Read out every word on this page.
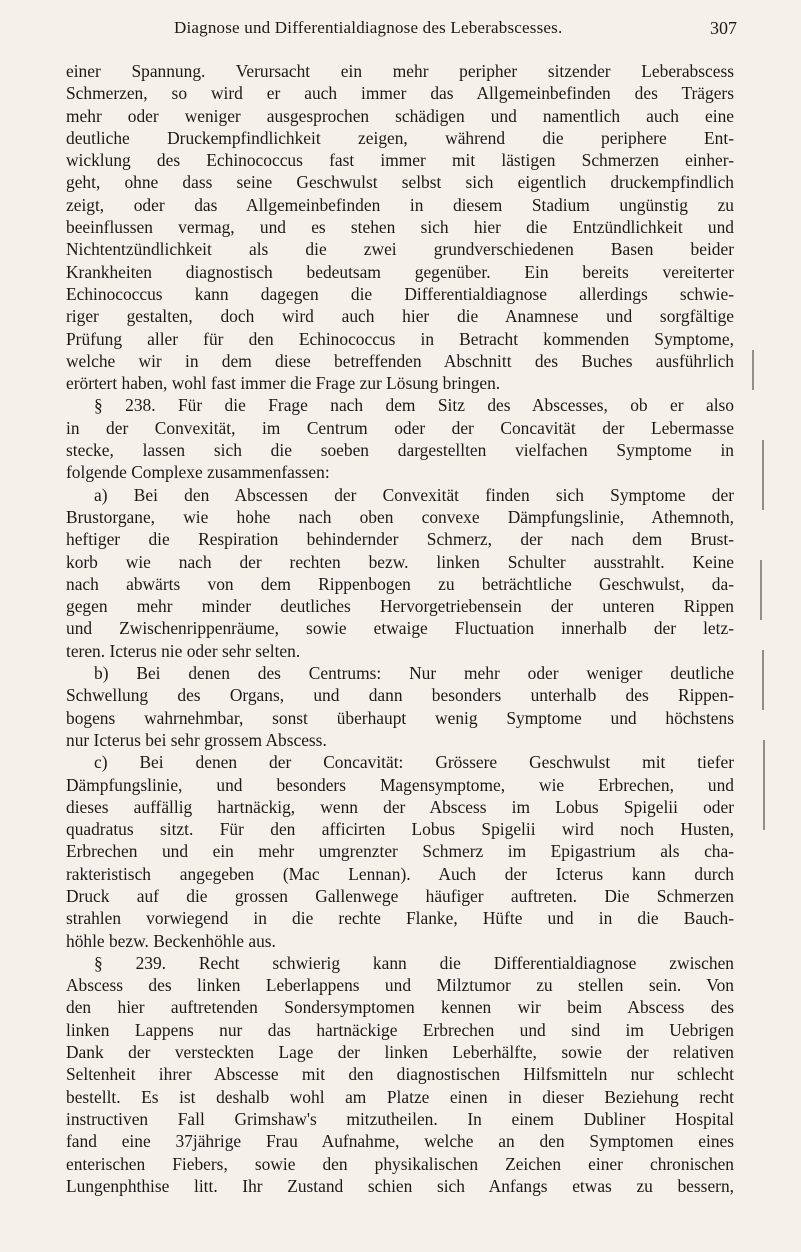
Diagnose und Differentialdiagnose des Leberabscesses.	307
einer Spannung. Verursacht ein mehr peripher sitzender Leberabscess
Schmerzen, so wird er auch immer das Allgemeinbefinden des Trägers
mehr oder weniger ausgesprochen schädigen und namentlich auch eine
deutliche Druckempfindlichkeit zeigen, während die periphere Ent-
wicklung des Echinococcus fast immer mit lästigen Schmerzen einher-
geht, ohne dass seine Geschwulst selbst sich eigentlich druckempfindlich
zeigt, oder das Allgemeinbefinden in diesem Stadium ungünstig zu
beeinflussen vermag, und es stehen sich hier die Entzündlichkeit und
Nichtentzündlichkeit als die zwei grundverschiedenen Basen beider
Krankheiten diagnostisch bedeutsam gegenüber. Ein bereits vereiterter
Echinococcus kann dagegen die Differentialdiagnose allerdings schwie-
riger gestalten, doch wird auch hier die Anamnese und sorgfältige
Prüfung aller für den Echinococcus in Betracht kommenden Symptome,
welche wir in dem diese betreffenden Abschnitt des Buches ausführlich
erörtert haben, wohl fast immer die Frage zur Lösung bringen.
§ 238. Für die Frage nach dem Sitz des Abscesses, ob er also
in der Convexität, im Centrum oder der Concavität der Lebermasse
stecke, lassen sich die soeben dargestellten vielfachen Symptome in
folgende Complexe zusammenfassen:
a) Bei den Abscessen der Convexität finden sich Symptome der
Brustorgane, wie hohe nach oben convexe Dämpfungslinie, Athemnoth,
heftiger die Respiration behindernder Schmerz, der nach dem Brust-
korb wie nach der rechten bezw. linken Schulter ausstrahlt. Keine
nach abwärts von dem Rippenbogen zu beträchtliche Geschwulst, da-
gegen mehr minder deutliches Hervorgetriebensein der unteren Rippen
und Zwischenrippenräume, sowie etwaige Fluctuation innerhalb der letz-
teren. Icterus nie oder sehr selten.
b) Bei denen des Centrums: Nur mehr oder weniger deutliche
Schwellung des Organs, und dann besonders unterhalb des Rippen-
bogens wahrnehmbar, sonst überhaupt wenig Symptome und höchstens
nur Icterus bei sehr grossem Abscess.
c) Bei denen der Concavität: Grössere Geschwulst mit tiefer
Dämpfungslinie, und besonders Magensymptome, wie Erbrechen, und
dieses auffällig hartnäckig, wenn der Abscess im Lobus Spigelii oder
quadratus sitzt. Für den afficirten Lobus Spigelii wird noch Husten,
Erbrechen und ein mehr umgrenzter Schmerz im Epigastrium als cha-
rakteristisch angegeben (Mac Lennan). Auch der Icterus kann durch
Druck auf die grossen Gallenwege häufiger auftreten. Die Schmerzen
strahlen vorwiegend in die rechte Flanke, Hüfte und in die Bauch-
höhle bezw. Beckenhöhle aus.
§ 239. Recht schwierig kann die Differentialdiagnose zwischen
Abscess des linken Leberlappens und Milztumor zu stellen sein. Von
den hier auftretenden Sondersymptomen kennen wir beim Abscess des
linken Lappens nur das hartnäckige Erbrechen und sind im Uebrigen
Dank der versteckten Lage der linken Leberhälfte, sowie der relativen
Seltenheit ihrer Abscesse mit den diagnostischen Hilfsmitteln nur schlecht
bestellt. Es ist deshalb wohl am Platze einen in dieser Beziehung recht
instructiven Fall Grimshaw's mitzutheilen. In einem Dubliner Hospital
fand eine 37jährige Frau Aufnahme, welche an den Symptomen eines
enterischen Fiebers, sowie den physikalischen Zeichen einer chronischen
Lungenphthise litt. Ihr Zustand schien sich Anfangs etwas zu bessern,
